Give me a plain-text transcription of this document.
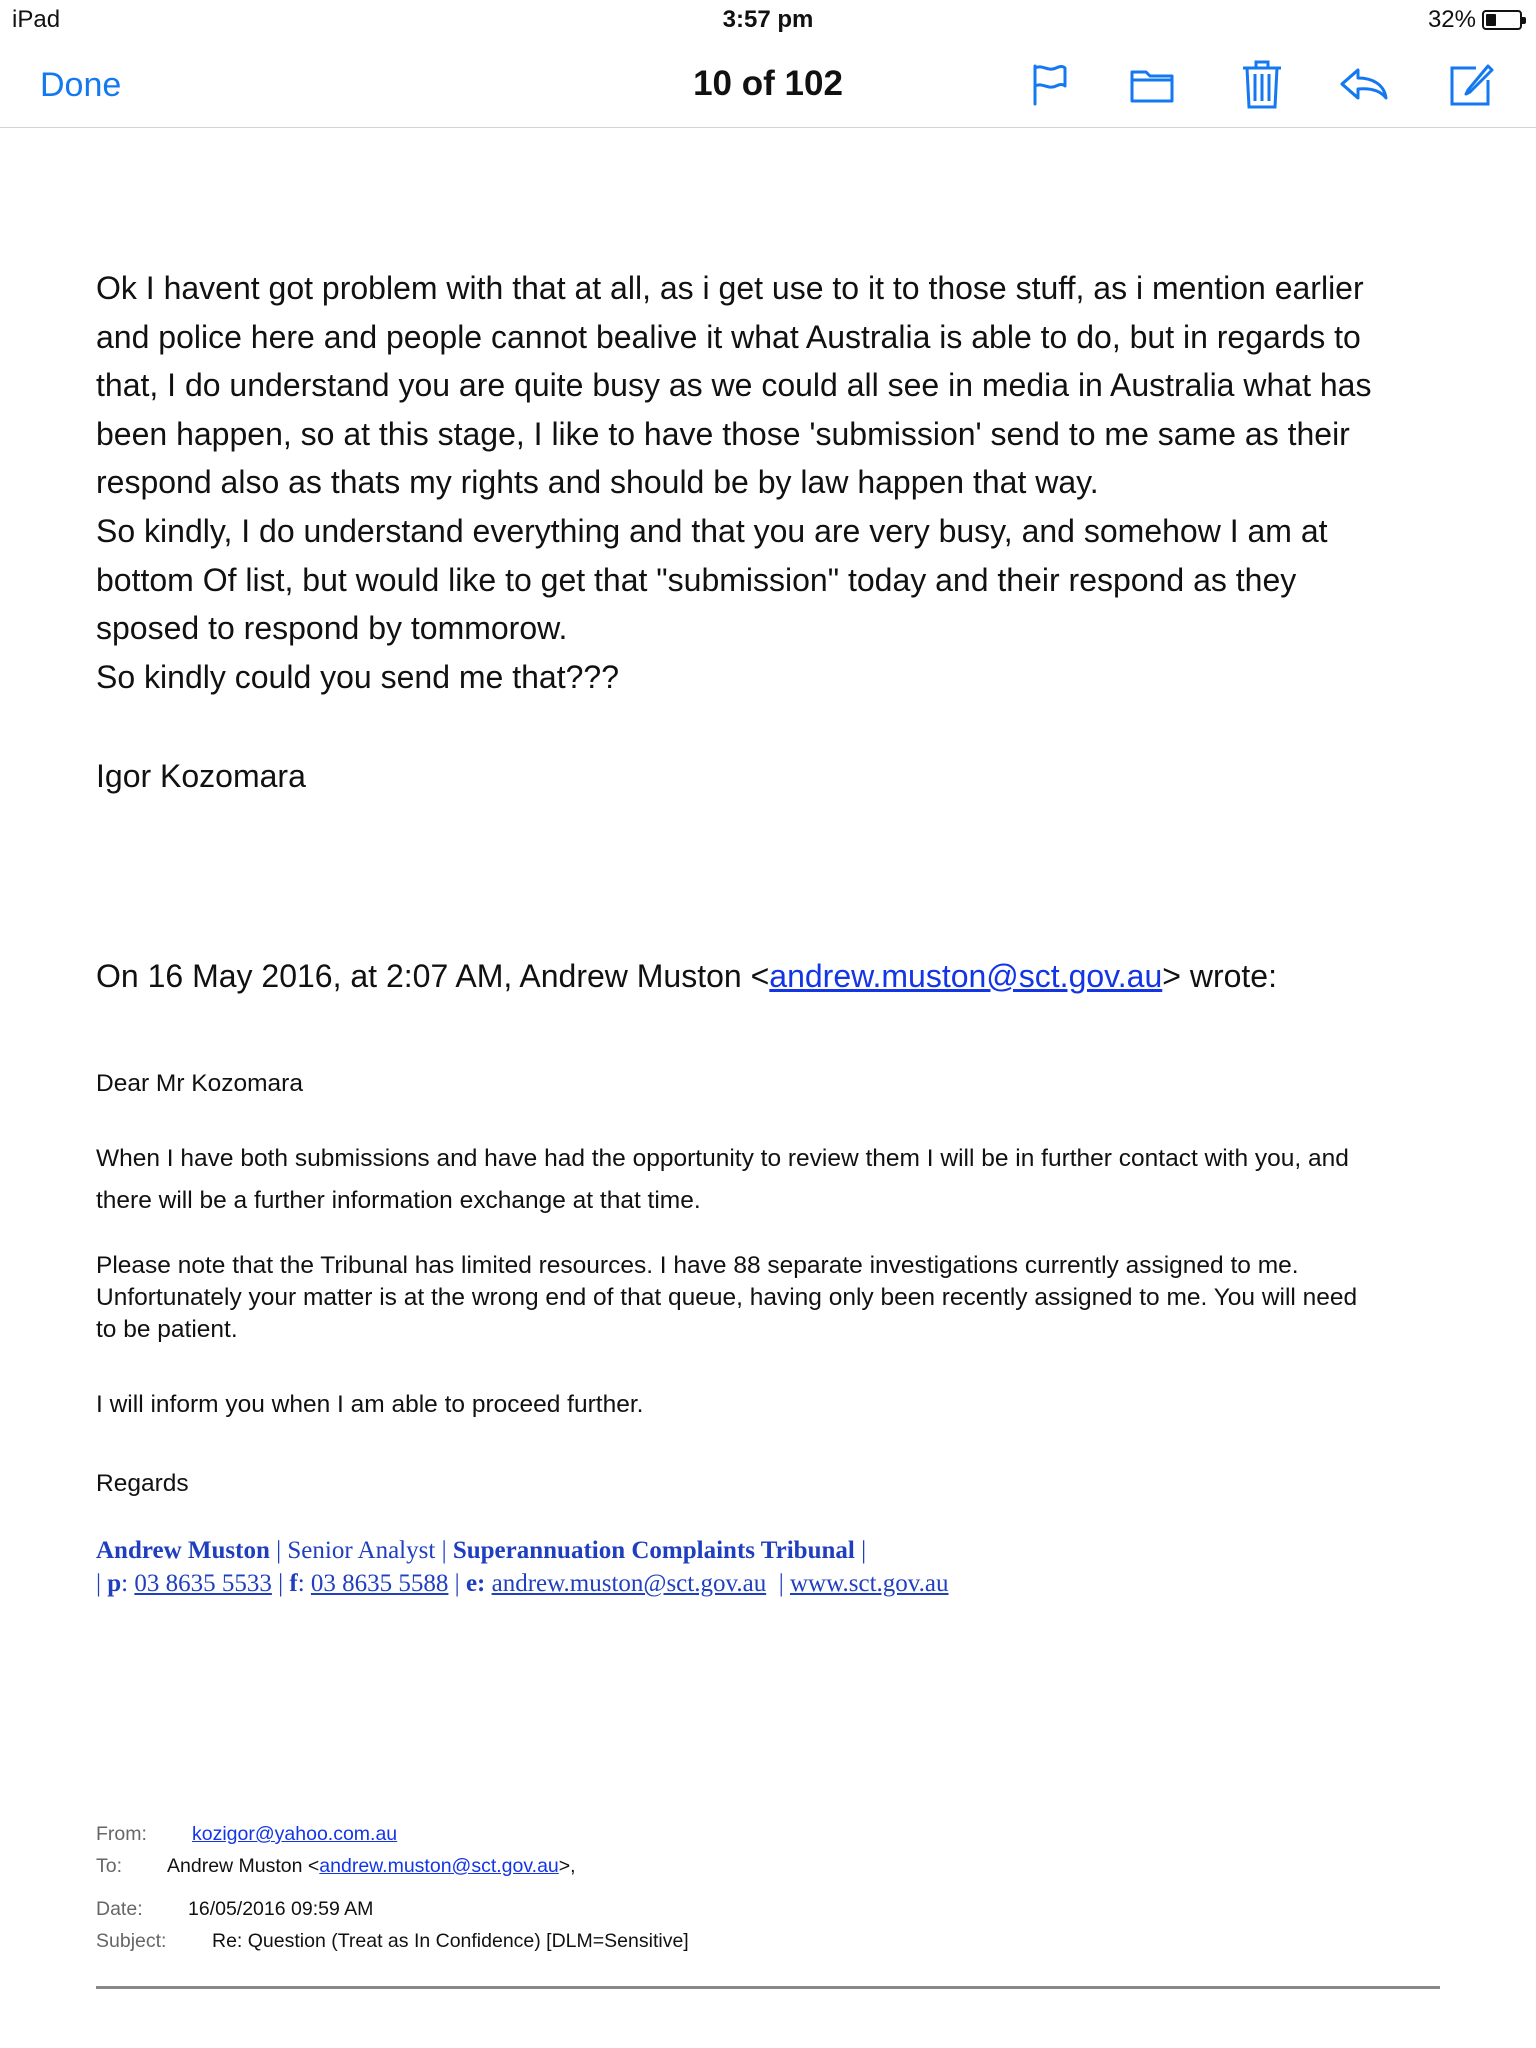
iPad	3:57 pm	32%
Done	10 of 102

Ok I havent got problem with that at all, as i get use to it to those stuff, as i mention earlier

and police here and people cannot bealive it what Australia is able to do, but in regards to

that, I do understand you are quite busy as we could all see in media in Australia what has

been happen, so at this stage, I like to have those 'submission' send to me same as their

respond also as thats my rights and should be by law happen that way.

So kindly, I do understand everything and that you are very busy, and somehow I am at

bottom Of list, but would like to get that "submission" today and their respond as they

sposed to respond by tommorow.

So kindly could you send me that???

Igor Kozomara
On 16 May 2016, at 2:07 AM, Andrew Muston <andrew.muston@sct.gov.au> wrote:
Dear Mr Kozomara
When I have both submissions and have had the opportunity to review them I will be in further contact with you, and
there will be a further information exchange at that time.
Please note that the Tribunal has limited resources. I have 88 separate investigations currently assigned to me.
Unfortunately your matter is at the wrong end of that queue, having only been recently assigned to me. You will need
to be patient.
I will inform you when I am able to proceed further.
Regards
Andrew Muston | Senior Analyst | Superannuation Complaints Tribunal |
| p: 03 8635 5533 | f: 03 8635 5588 | e: andrew.muston@sct.gov.au  | www.sct.gov.au
From: kozigor@yahoo.com.au
To: Andrew Muston <andrew.muston@sct.gov.au>,
Date: 16/05/2016 09:59 AM
Subject: Re: Question (Treat as In Confidence) [DLM=Sensitive]
